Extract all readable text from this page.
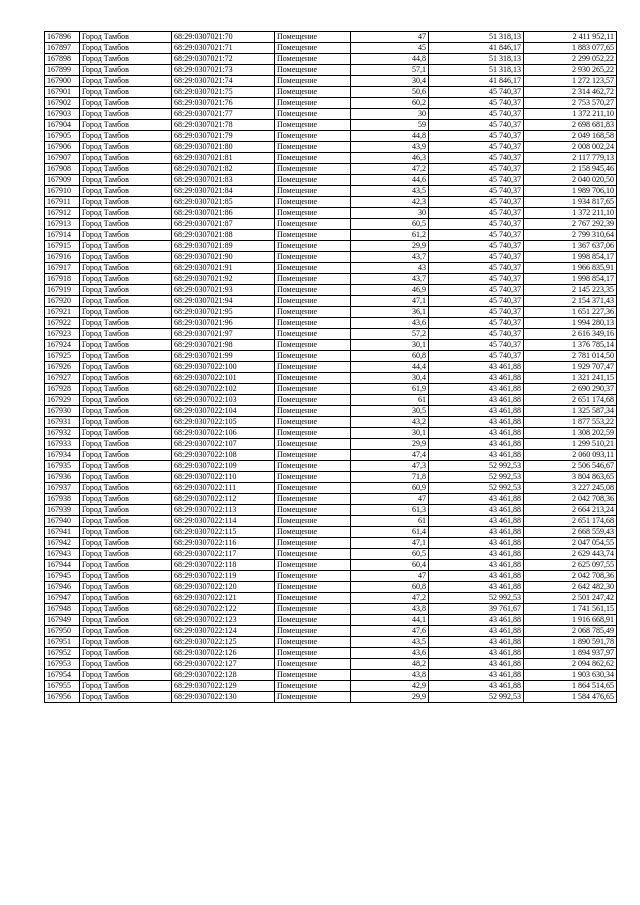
167896	Город Тамбов	68:29:0307021:70	Помещение	47	51 318,13	2 411 952,11
167897	Город Тамбов	68:29:0307021:71	Помещение	45	41 846,17	1 883 077,65
167898	Город Тамбов	68:29:0307021:72	Помещение	44,8	51 318,13	2 299 052,22
167899	Город Тамбов	68:29:0307021:73	Помещение	57,1	51 318,13	2 930 265,22
167900	Город Тамбов	68:29:0307021:74	Помещение	30,4	41 846,17	1 272 123,57
167901	Город Тамбов	68:29:0307021:75	Помещение	50,6	45 740,37	2 314 462,72
167902	Город Тамбов	68:29:0307021:76	Помещение	60,2	45 740,37	2 753 570,27
167903	Город Тамбов	68:29:0307021:77	Помещение	30	45 740,37	1 372 211,10
167904	Город Тамбов	68:29:0307021:78	Помещение	59	45 740,37	2 698 681,83
167905	Город Тамбов	68:29:0307021:79	Помещение	44,8	45 740,37	2 049 168,58
167906	Город Тамбов	68:29:0307021:80	Помещение	43,9	45 740,37	2 008 002,24
167907	Город Тамбов	68:29:0307021:81	Помещение	46,3	45 740,37	2 117 779,13
167908	Город Тамбов	68:29:0307021:82	Помещение	47,2	45 740,37	2 158 945,46
167909	Город Тамбов	68:29:0307021:83	Помещение	44,6	45 740,37	2 040 020,50
167910	Город Тамбов	68:29:0307021:84	Помещение	43,5	45 740,37	1 989 706,10
167911	Город Тамбов	68:29:0307021:85	Помещение	42,3	45 740,37	1 934 817,65
167912	Город Тамбов	68:29:0307021:86	Помещение	30	45 740,37	1 372 211,10
167913	Город Тамбов	68:29:0307021:87	Помещение	60,5	45 740,37	2 767 292,39
167914	Город Тамбов	68:29:0307021:88	Помещение	61,2	45 740,37	2 799 310,64
167915	Город Тамбов	68:29:0307021:89	Помещение	29,9	45 740,37	1 367 637,06
167916	Город Тамбов	68:29:0307021:90	Помещение	43,7	45 740,37	1 998 854,17
167917	Город Тамбов	68:29:0307021:91	Помещение	43	45 740,37	1 966 835,91
167918	Город Тамбов	68:29:0307021:92	Помещение	43,7	45 740,37	1 998 854,17
167919	Город Тамбов	68:29:0307021:93	Помещение	46,9	45 740,37	2 145 223,35
167920	Город Тамбов	68:29:0307021:94	Помещение	47,1	45 740,37	2 154 371,43
167921	Город Тамбов	68:29:0307021:95	Помещение	36,1	45 740,37	1 651 227,36
167922	Город Тамбов	68:29:0307021:96	Помещение	43,6	45 740,37	1 994 280,13
167923	Город Тамбов	68:29:0307021:97	Помещение	57,2	45 740,37	2 616 349,16
167924	Город Тамбов	68:29:0307021:98	Помещение	30,1	45 740,37	1 376 785,14
167925	Город Тамбов	68:29:0307021:99	Помещение	60,8	45 740,37	2 781 014,50
167926	Город Тамбов	68:29:0307022:100	Помещение	44,4	43 461,88	1 929 707,47
167927	Город Тамбов	68:29:0307022:101	Помещение	30,4	43 461,88	1 321 241,15
167928	Город Тамбов	68:29:0307022:102	Помещение	61,9	43 461,88	2 690 290,37
167929	Город Тамбов	68:29:0307022:103	Помещение	61	43 461,88	2 651 174,68
167930	Город Тамбов	68:29:0307022:104	Помещение	30,5	43 461,88	1 325 587,34
167931	Город Тамбов	68:29:0307022:105	Помещение	43,2	43 461,88	1 877 553,22
167932	Город Тамбов	68:29:0307022:106	Помещение	30,1	43 461,88	1 308 202,59
167933	Город Тамбов	68:29:0307022:107	Помещение	29,9	43 461,88	1 299 510,21
167934	Город Тамбов	68:29:0307022:108	Помещение	47,4	43 461,88	2 060 093,11
167935	Город Тамбов	68:29:0307022:109	Помещение	47,3	52 992,53	2 506 546,67
167936	Город Тамбов	68:29:0307022:110	Помещение	71,8	52 992,53	3 804 863,65
167937	Город Тамбов	68:29:0307022:111	Помещение	60,9	52 992,53	3 227 245,08
167938	Город Тамбов	68:29:0307022:112	Помещение	47	43 461,88	2 042 708,36
167939	Город Тамбов	68:29:0307022:113	Помещение	61,3	43 461,88	2 664 213,24
167940	Город Тамбов	68:29:0307022:114	Помещение	61	43 461,88	2 651 174,68
167941	Город Тамбов	68:29:0307022:115	Помещение	61,4	43 461,88	2 668 559,43
167942	Город Тамбов	68:29:0307022:116	Помещение	47,1	43 461,88	2 047 054,55
167943	Город Тамбов	68:29:0307022:117	Помещение	60,5	43 461,88	2 629 443,74
167944	Город Тамбов	68:29:0307022:118	Помещение	60,4	43 461,88	2 625 097,55
167945	Город Тамбов	68:29:0307022:119	Помещение	47	43 461,88	2 042 708,36
167946	Город Тамбов	68:29:0307022:120	Помещение	60,8	43 461,88	2 642 482,30
167947	Город Тамбов	68:29:0307022:121	Помещение	47,2	52 992,53	2 501 247,42
167948	Город Тамбов	68:29:0307022:122	Помещение	43,8	39 761,67	1 741 561,15
167949	Город Тамбов	68:29:0307022:123	Помещение	44,1	43 461,88	1 916 668,91
167950	Город Тамбов	68:29:0307022:124	Помещение	47,6	43 461,88	2 068 785,49
167951	Город Тамбов	68:29:0307022:125	Помещение	43,5	43 461,88	1 890 591,78
167952	Город Тамбов	68:29:0307022:126	Помещение	43,6	43 461,88	1 894 937,97
167953	Город Тамбов	68:29:0307022:127	Помещение	48,2	43 461,88	2 094 862,62
167954	Город Тамбов	68:29:0307022:128	Помещение	43,8	43 461,88	1 903 630,34
167955	Город Тамбов	68:29:0307022:129	Помещение	42,9	43 461,88	1 864 514,65
167956	Город Тамбов	68:29:0307022:130	Помещение	29,9	52 992,53	1 584 476,65
